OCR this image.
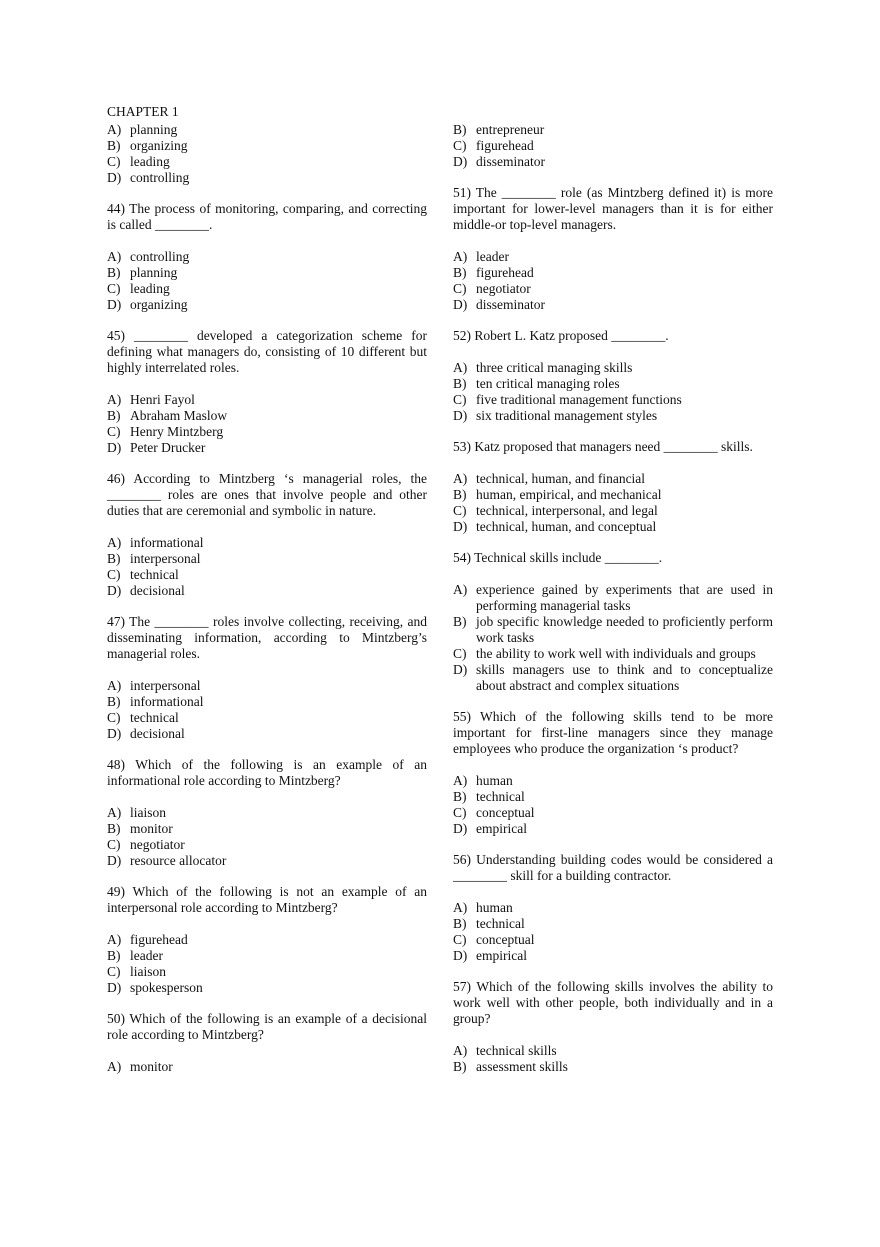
CHAPTER 1
A) planning
B) organizing
C) leading
D) controlling

44) The process of monitoring, comparing, and correcting is called ________.

A) controlling
B) planning
C) leading
D) organizing

45) ________ developed a categorization scheme for defining what managers do, consisting of 10 different but highly interrelated roles.

A) Henri Fayol
B) Abraham Maslow
C) Henry Mintzberg
D) Peter Drucker

46) According to Mintzberg ‘s managerial roles, the ________ roles are ones that involve people and other duties that are ceremonial and symbolic in nature.

A) informational
B) interpersonal
C) technical
D) decisional

47) The ________ roles involve collecting, receiving, and disseminating information, according to Mintzberg’s managerial roles.

A) interpersonal
B) informational
C) technical
D) decisional

48) Which of the following is an example of an informational role according to Mintzberg?

A) liaison
B) monitor
C) negotiator
D) resource allocator

49) Which of the following is not an example of an interpersonal role according to Mintzberg?

A) figurehead
B) leader
C) liaison
D) spokesperson

50) Which of the following is an example of a decisional role according to Mintzberg?

A) monitor
B) entrepreneur
C) figurehead
D) disseminator

51) The ________ role (as Mintzberg defined it) is more important for lower-level managers than it is for either middle-or top-level managers.

A) leader
B) figurehead
C) negotiator
D) disseminator

52) Robert L. Katz proposed ________.

A) three critical managing skills
B) ten critical managing roles
C) five traditional management functions
D) six traditional management styles

53) Katz proposed that managers need ________ skills.

A) technical, human, and financial
B) human, empirical, and mechanical
C) technical, interpersonal, and legal
D) technical, human, and conceptual

54) Technical skills include ________.

A) experience gained by experiments that are used in performing managerial tasks
B) job specific knowledge needed to proficiently perform work tasks
C) the ability to work well with individuals and groups
D) skills managers use to think and to conceptualize about abstract and complex situations

55) Which of the following skills tend to be more important for first-line managers since they manage employees who produce the organization ‘s product?

A) human
B) technical
C) conceptual
D) empirical

56) Understanding building codes would be considered a ________ skill for a building contractor.

A) human
B) technical
C) conceptual
D) empirical

57) Which of the following skills involves the ability to work well with other people, both individually and in a group?

A) technical skills
B) assessment skills
